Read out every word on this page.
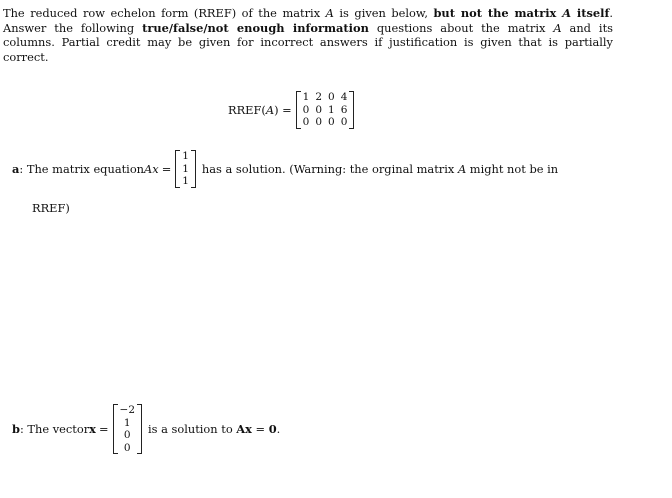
The reduced row echelon form (RREF) of the matrix A is given below, but not the matrix A itself. Answer the following true/false/not enough information questions about the matrix A and its columns. Partial credit may be given for incorrect answers if justification is given that is partially correct.
RREF(A) =
1	2	0	4
0	0	1	6
0	0	0	0
a : The matrix equation Ax =
1
1
1
has a solution. (Warning: the orginal matrix A might not be in
RREF)
b : The vector x =
−2
1
0
0
is a solution to Ax = 0.
